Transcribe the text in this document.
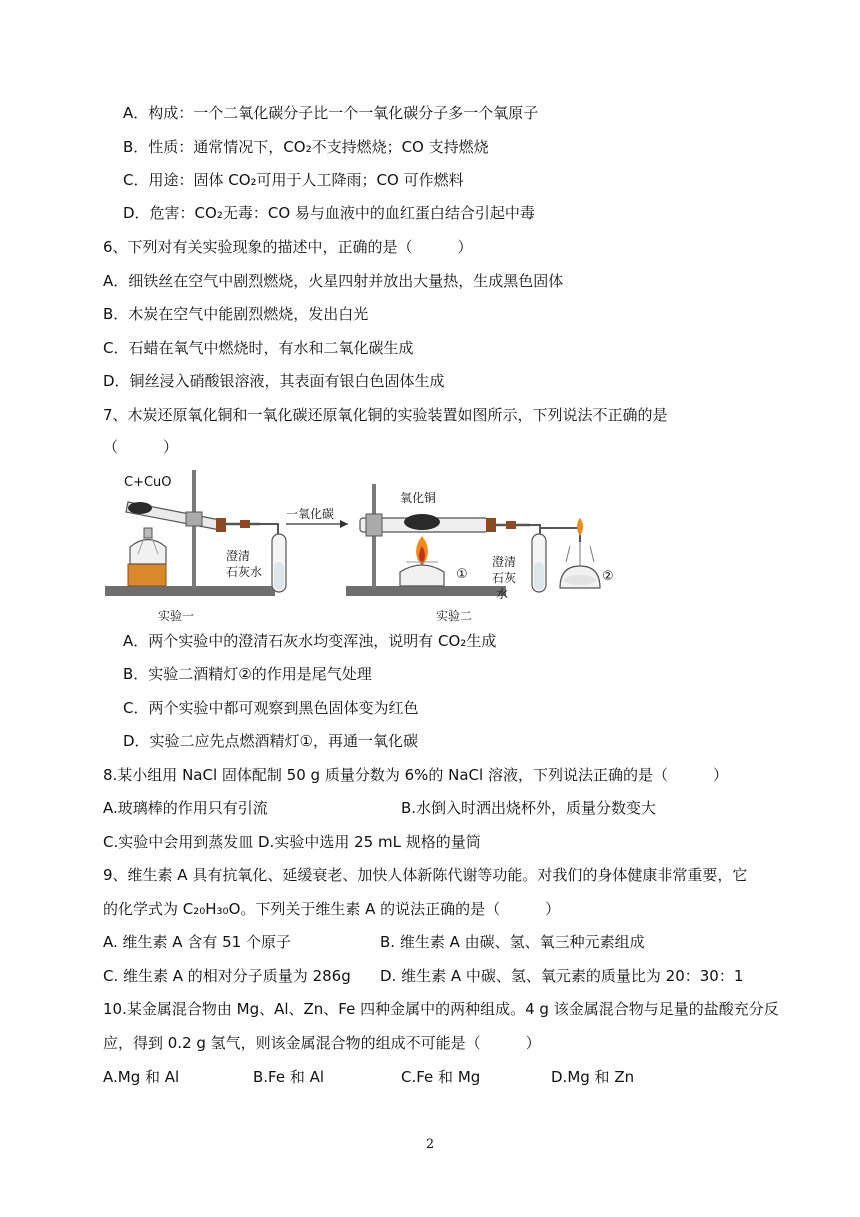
A．构成：一个二氧化碳分子比一个一氧化碳分子多一个氧原子
B．性质：通常情况下，CO₂不支持燃烧；CO 支持燃烧
C．用途：固体 CO₂可用于人工降雨；CO 可作燃料
D．危害：CO₂无毒：CO 易与血液中的血红蛋白结合引起中毒
6、下列对有关实验现象的描述中，正确的是（　　　）
A．细铁丝在空气中剧烈燃烧，火星四射并放出大量热，生成黑色固体
B．木炭在空气中能剧烈燃烧，发出白光
C．石蜡在氧气中燃烧时，有水和二氧化碳生成
D．铜丝浸入硝酸银溶液，其表面有银白色固体生成
7、木炭还原氧化铜和一氧化碳还原氧化铜的实验装置如图所示，下列说法不正确的是
（　　　）
C+CuO
澄清
石灰水
实验一
一氧化碳
①
氧化铜
澄清
石灰
水
实验二
②
A．两个实验中的澄清石灰水均变浑浊，说明有 CO₂生成
B．实验二酒精灯②的作用是尾气处理
C．两个实验中都可观察到黑色固体变为红色
D．实验二应先点燃酒精灯①，再通一氧化碳
8.某小组用 NaCl 固体配制 50 g 质量分数为 6%的 NaCl 溶液，下列说法正确的是（　　　）
A.玻璃棒的作用只有引流	B.水倒入时洒出烧杯外，质量分数变大
C.实验中会用到蒸发皿 D.实验中选用 25 mL 规格的量筒
9、维生素 A 具有抗氧化、延缓衰老、加快人体新陈代谢等功能。对我们的身体健康非常重要，它
的化学式为 C₂₀H₃₀O。下列关于维生素 A 的说法正确的是（　　　）
A. 维生素 A 含有 51 个原子	B. 维生素 A 由碳、氢、氧三种元素组成
C. 维生素 A 的相对分子质量为 286g D. 维生素 A 中碳、氢、氧元素的质量比为 20：30：1
10.某金属混合物由 Mg、Al、Zn、Fe 四种金属中的两种组成。4 g 该金属混合物与足量的盐酸充分反
应，得到 0.2 g 氢气，则该金属混合物的组成不可能是（　　　）
A.Mg 和 Al	B.Fe 和 Al	C.Fe 和 Mg	D.Mg 和 Zn
2
